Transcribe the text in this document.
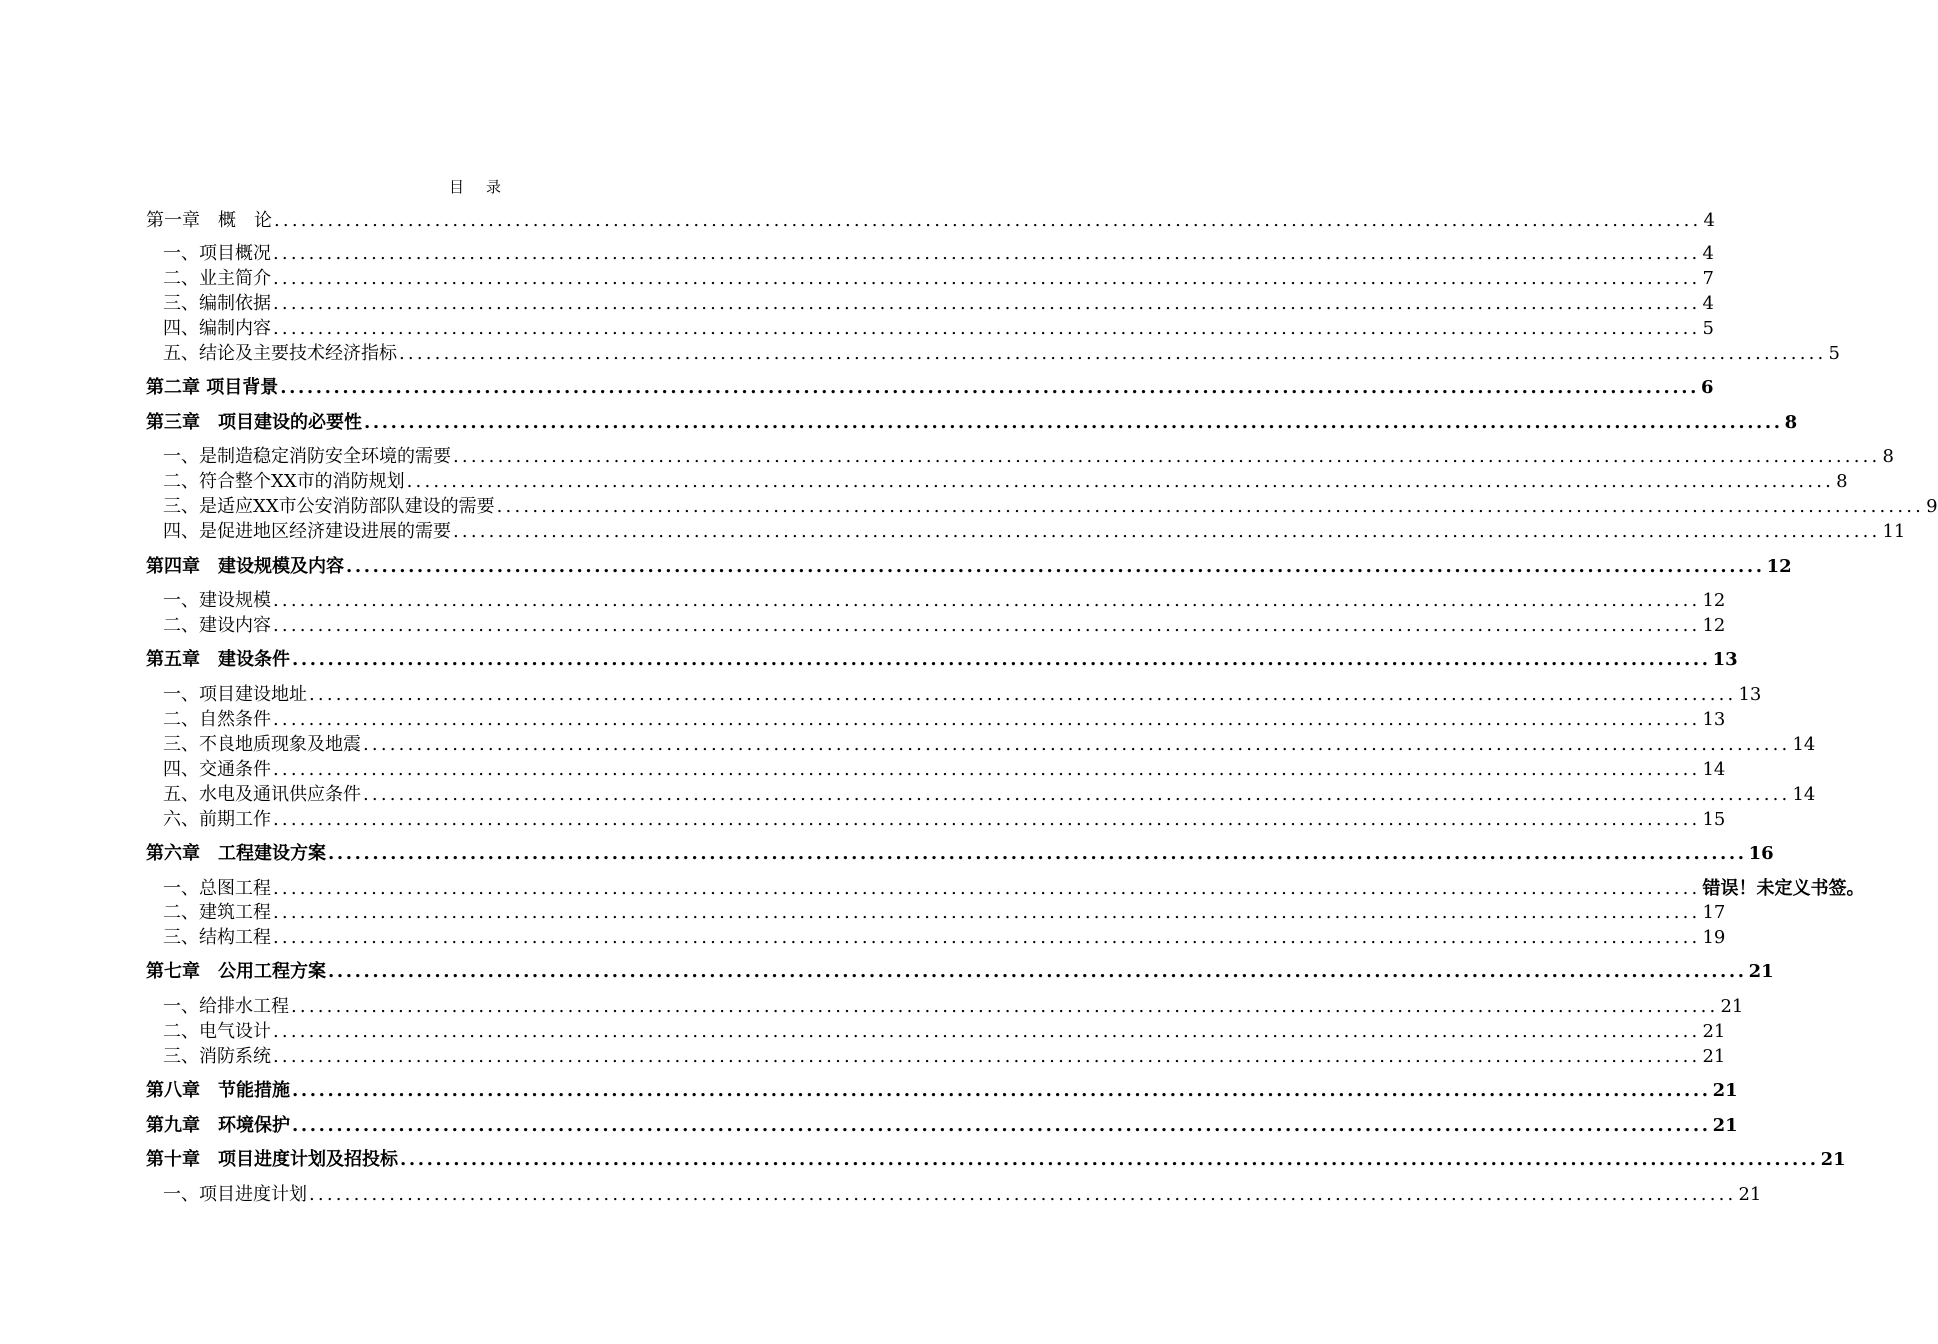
目录
第一章　概　论 ................................................................................................................................................................ 4
一、项目概况 ................................................................................................................................................................ 4
二、业主简介 ................................................................................................................................................................ 7
三、编制依据 ................................................................................................................................................................ 4
四、编制内容 ................................................................................................................................................................ 5
五、结论及主要技术经济指标 ................................................................................................................................................................ 5
第二章 项目背景 ................................................................................................................................................................ 6
第三章　项目建设的必要性 ................................................................................................................................................................ 8
一、是制造稳定消防安全环境的需要 ................................................................................................................................................................ 8
二、符合整个XX市的消防规划 ................................................................................................................................................................ 8
三、是适应XX市公安消防部队建设的需要 ................................................................................................................................................................ 9
四、是促进地区经济建设进展的需要 ................................................................................................................................................................ 11
第四章　建设规模及内容 ................................................................................................................................................................ 12
一、建设规模 ................................................................................................................................................................ 12
二、建设内容 ................................................................................................................................................................ 12
第五章　建设条件 ................................................................................................................................................................ 13
一、项目建设地址 ................................................................................................................................................................ 13
二、自然条件 ................................................................................................................................................................ 13
三、不良地质现象及地震 ................................................................................................................................................................ 14
四、交通条件 ................................................................................................................................................................ 14
五、水电及通讯供应条件 ................................................................................................................................................................ 14
六、前期工作 ................................................................................................................................................................ 15
第六章　工程建设方案 ................................................................................................................................................................ 16
一、总图工程 ................................................................................................................................................................ 错误！未定义书签。
二、建筑工程 ................................................................................................................................................................ 17
三、结构工程 ................................................................................................................................................................ 19
第七章　公用工程方案 ................................................................................................................................................................ 21
一、给排水工程 ................................................................................................................................................................ 21
二、电气设计 ................................................................................................................................................................ 21
三、消防系统 ................................................................................................................................................................ 21
第八章　节能措施 ................................................................................................................................................................ 21
第九章　环境保护 ................................................................................................................................................................ 21
第十章　项目进度计划及招投标 ................................................................................................................................................................ 21
一、项目进度计划 ................................................................................................................................................................ 21
